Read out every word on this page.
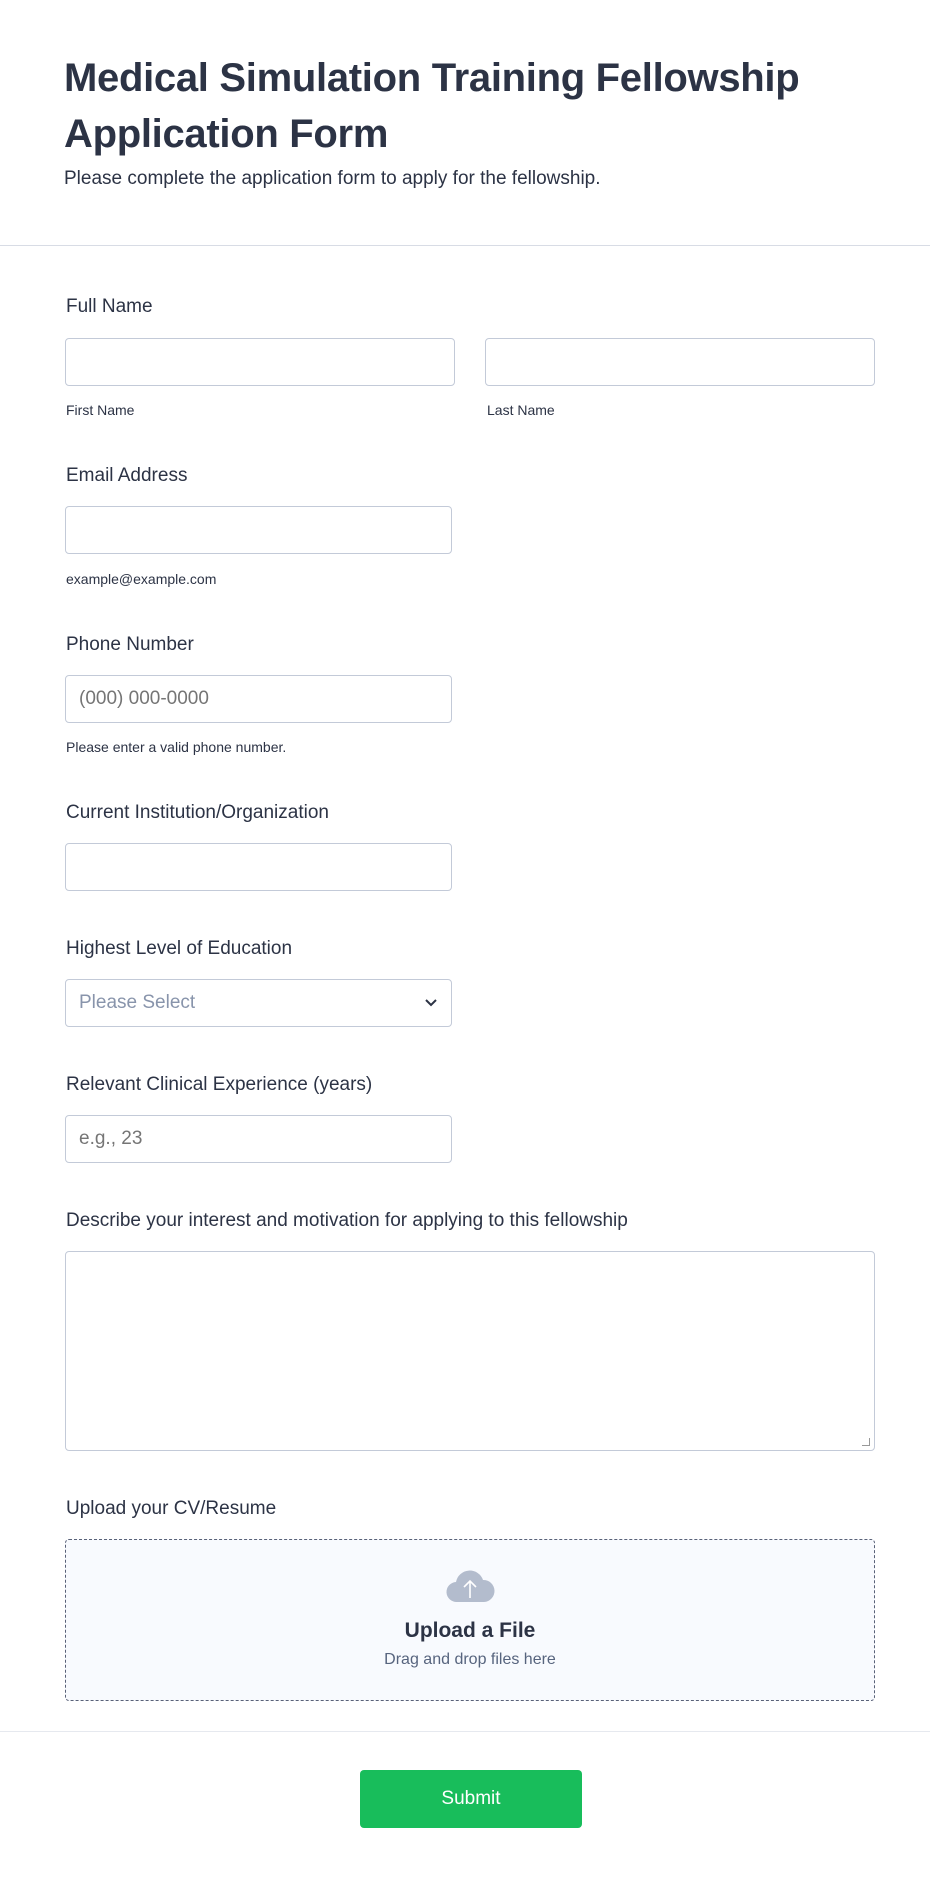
Medical Simulation Training Fellowship Application Form
Please complete the application form to apply for the fellowship.
Full Name
First Name	Last Name
Email Address
example@example.com
Phone Number
(000) 000-0000
Please enter a valid phone number.
Current Institution/Organization
Highest Level of Education
Please Select
Relevant Clinical Experience (years)
e.g., 23
Describe your interest and motivation for applying to this fellowship
Upload your CV/Resume
Upload a File
Drag and drop files here
Submit
